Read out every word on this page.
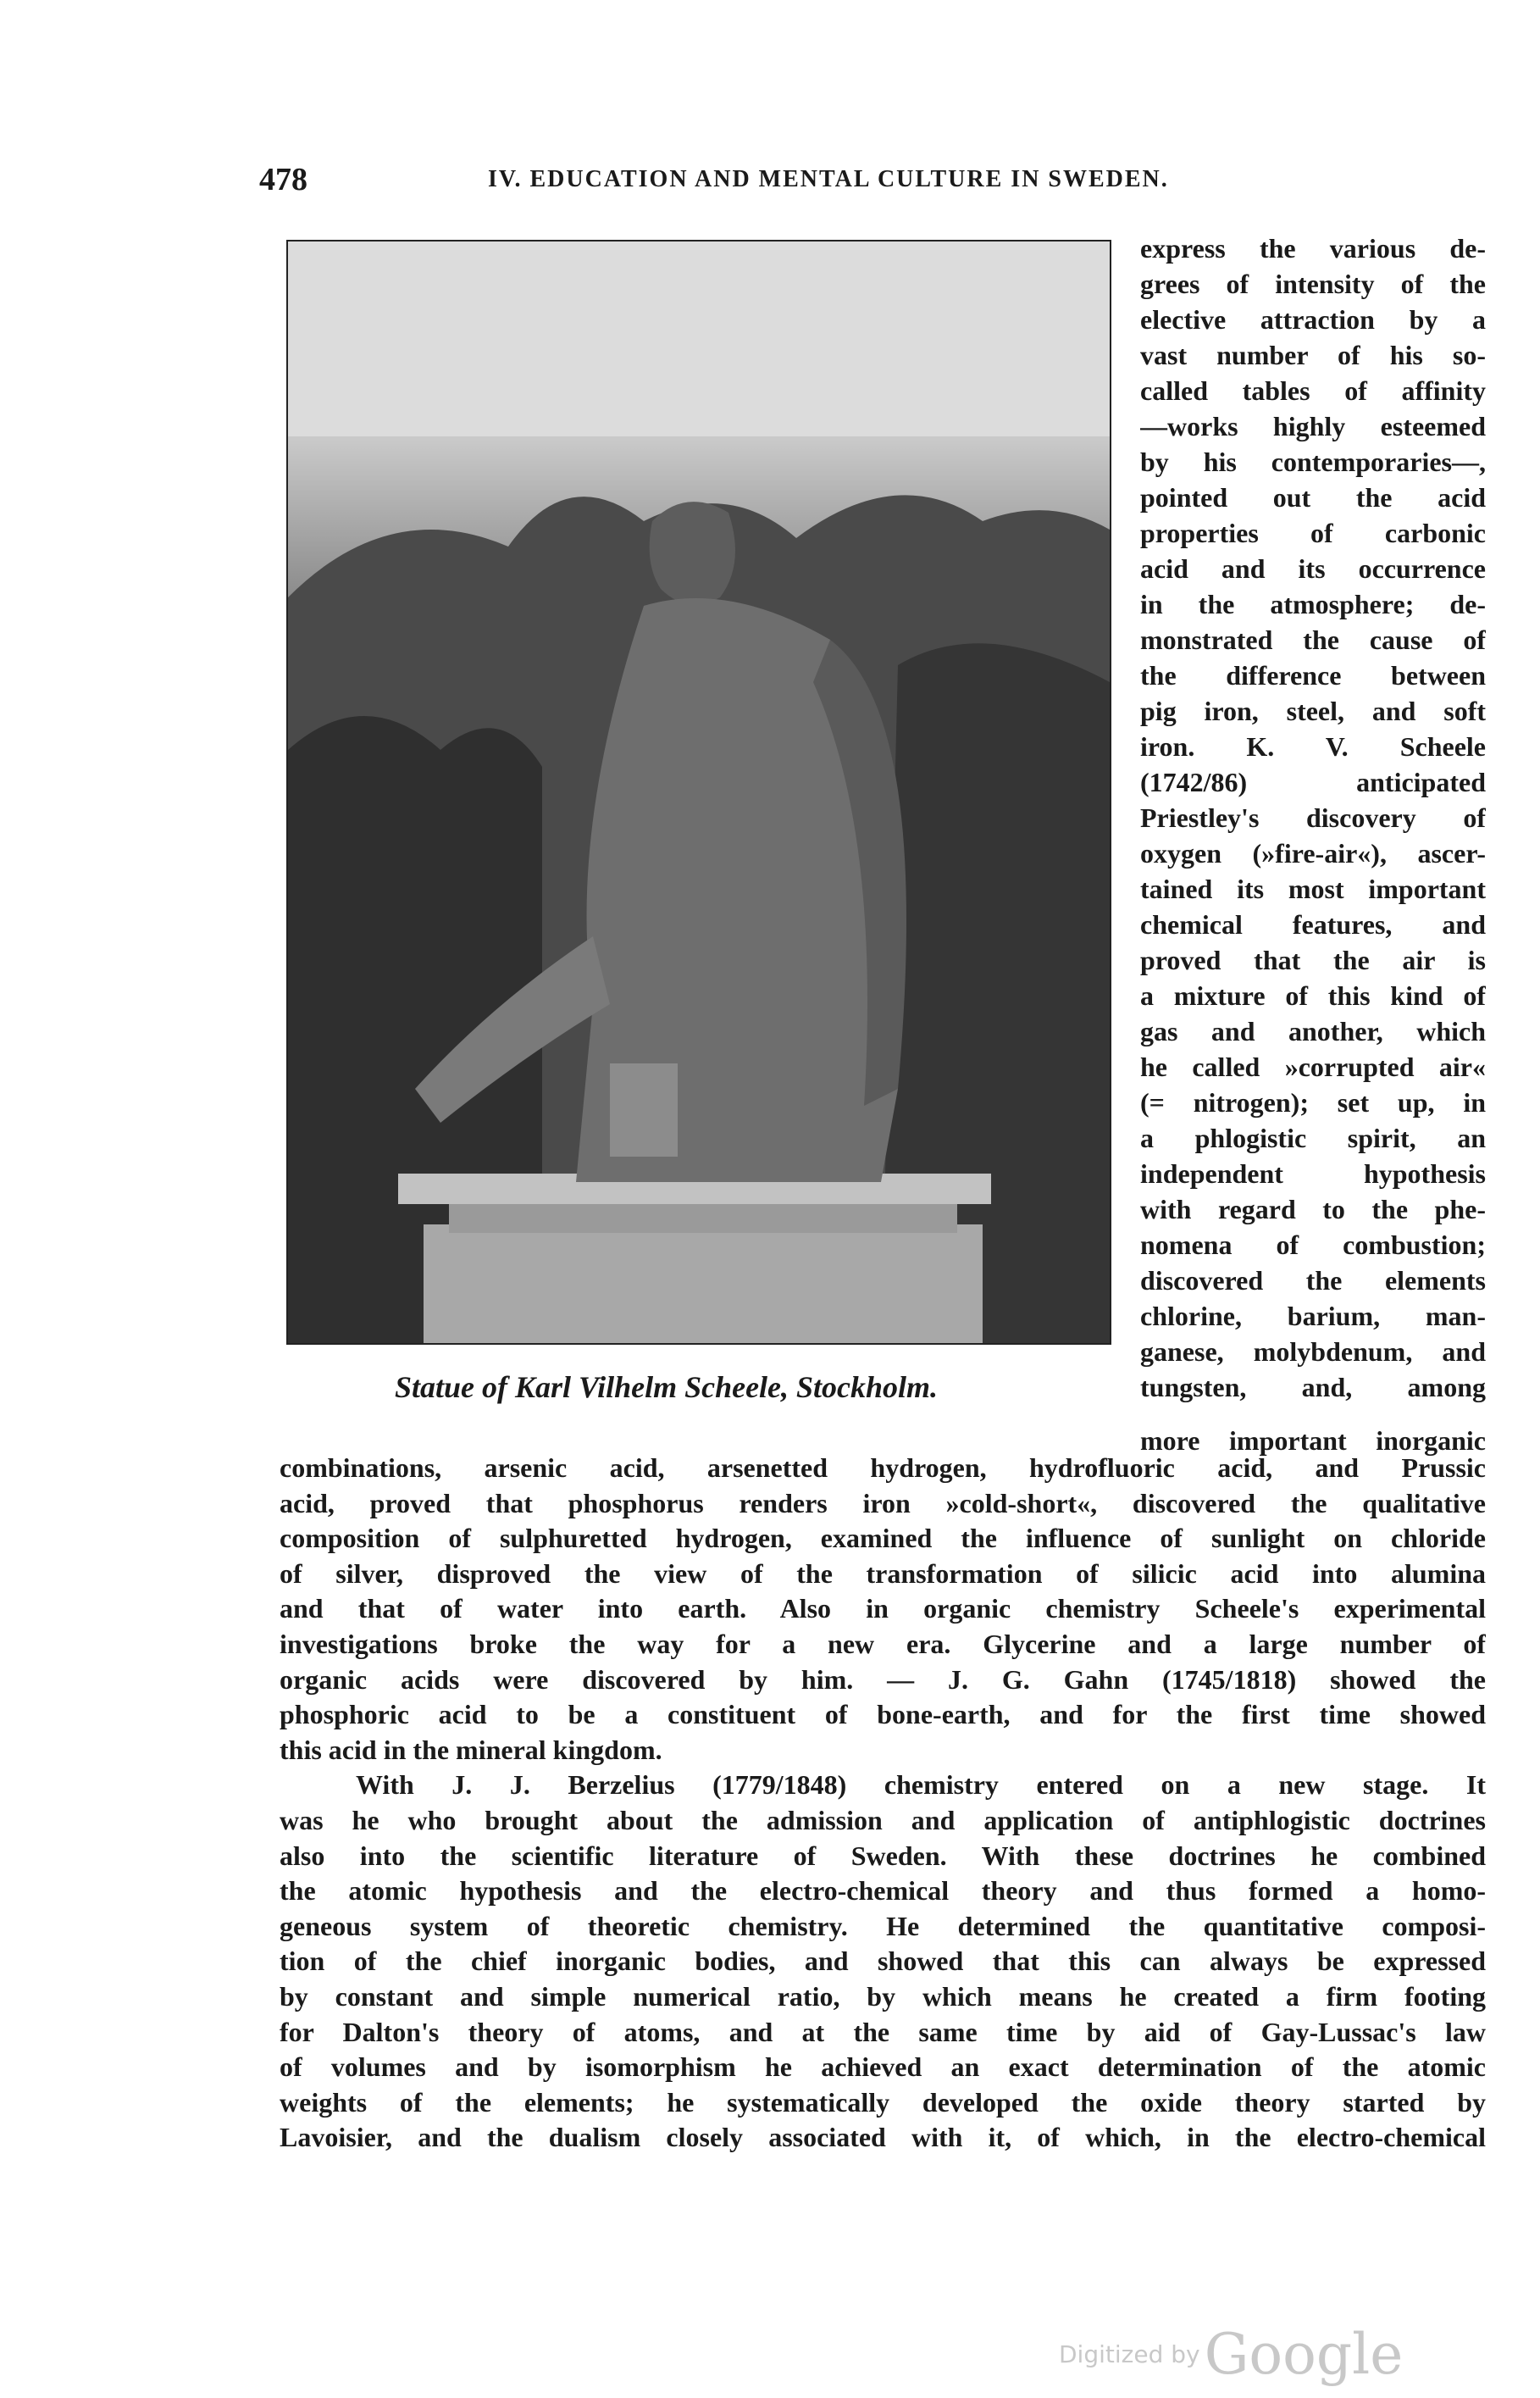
478	IV. EDUCATION AND MENTAL CULTURE IN SWEDEN.
Statue of Karl Vilhelm Scheele, Stockholm.
express the various de-
grees of intensity of the
elective attraction by a
vast number of his so-
called tables of affinity
—works highly esteemed
by his contemporaries—,
pointed out the acid
properties of carbonic
acid and its occurrence
in the atmosphere; de-
monstrated the cause of
the difference between
pig iron, steel, and soft
iron. K. V. Scheele
(1742/86) anticipated
Priestley's discovery of
oxygen (»fire-air«), ascer-
tained its most important
chemical features, and
proved that the air is
a mixture of this kind of
gas and another, which
he called »corrupted air«
(= nitrogen); set up, in
a phlogistic spirit, an
independent hypothesis
with regard to the phe-
nomena of combustion;
discovered the elements
chlorine, barium, man-
ganese, molybdenum, and
tungsten, and, among
more important inorganic
combinations, arsenic acid, arsenetted hydrogen, hydrofluoric acid, and Prussic
acid, proved that phosphorus renders iron »cold-short«, discovered the qualitative
composition of sulphuretted hydrogen, examined the influence of sunlight on chloride
of silver, disproved the view of the transformation of silicic acid into alumina
and that of water into earth. Also in organic chemistry Scheele's experimental
investigations broke the way for a new era. Glycerine and a large number of
organic acids were discovered by him. — J. G. Gahn (1745/1818) showed the
phosphoric acid to be a constituent of bone-earth, and for the first time showed
this acid in the mineral kingdom.
With J. J. Berzelius (1779/1848) chemistry entered on a new stage. It
was he who brought about the admission and application of antiphlogistic doctrines
also into the scientific literature of Sweden. With these doctrines he combined
the atomic hypothesis and the electro-chemical theory and thus formed a homo-
geneous system of theoretic chemistry. He determined the quantitative composi-
tion of the chief inorganic bodies, and showed that this can always be expressed
by constant and simple numerical ratio, by which means he created a firm footing
for Dalton's theory of atoms, and at the same time by aid of Gay-Lussac's law
of volumes and by isomorphism he achieved an exact determination of the atomic
weights of the elements; he systematically developed the oxide theory started by
Lavoisier, and the dualism closely associated with it, of which, in the electro-chemical
Digitized by Google
